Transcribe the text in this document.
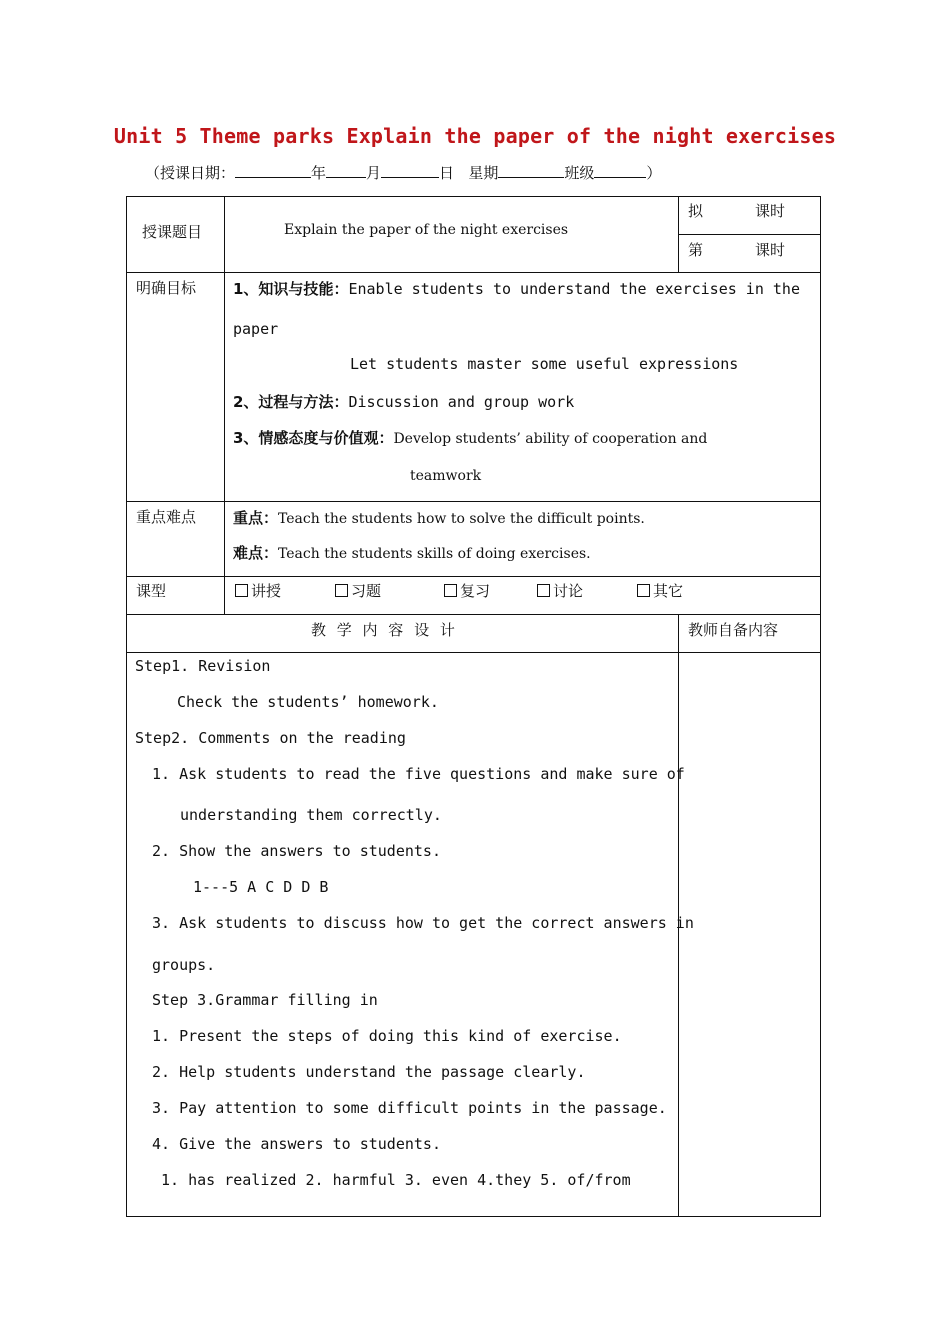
Unit 5 Theme parks Explain the paper of the night exercises
（授课日期：	年	月	日 星期	班级	）
授课题目	Explain the paper of the night exercises
拟	课时
第	课时
明确目标 1、知识与技能：Enable students to understand the exercises in the
paper
Let students master some useful expressions
2、过程与方法：Discussion and group work
3、情感态度与价值观：Develop students’ ability of cooperation and
teamwork
重点难点 重点：Teach the students how to solve the difficult points.
难点：Teach the students skills of doing exercises.
课型	讲授	习题	复习	讨论	其它
教 学 内 容 设 计	教师自备内容
Step1. Revision
Check the students’ homework.
Step2. Comments on the reading
1. Ask students to read the five questions and make sure of
understanding them correctly.
2. Show the answers to students.
1---5 A C D D B
3. Ask students to discuss how to get the correct answers in
groups.
Step 3.Grammar filling in
1. Present the steps of doing this kind of exercise.
2. Help students understand the passage clearly.
3. Pay attention to some difficult points in the passage.
4. Give the answers to students.
1. has realized 2. harmful 3. even 4.they 5. of/from
